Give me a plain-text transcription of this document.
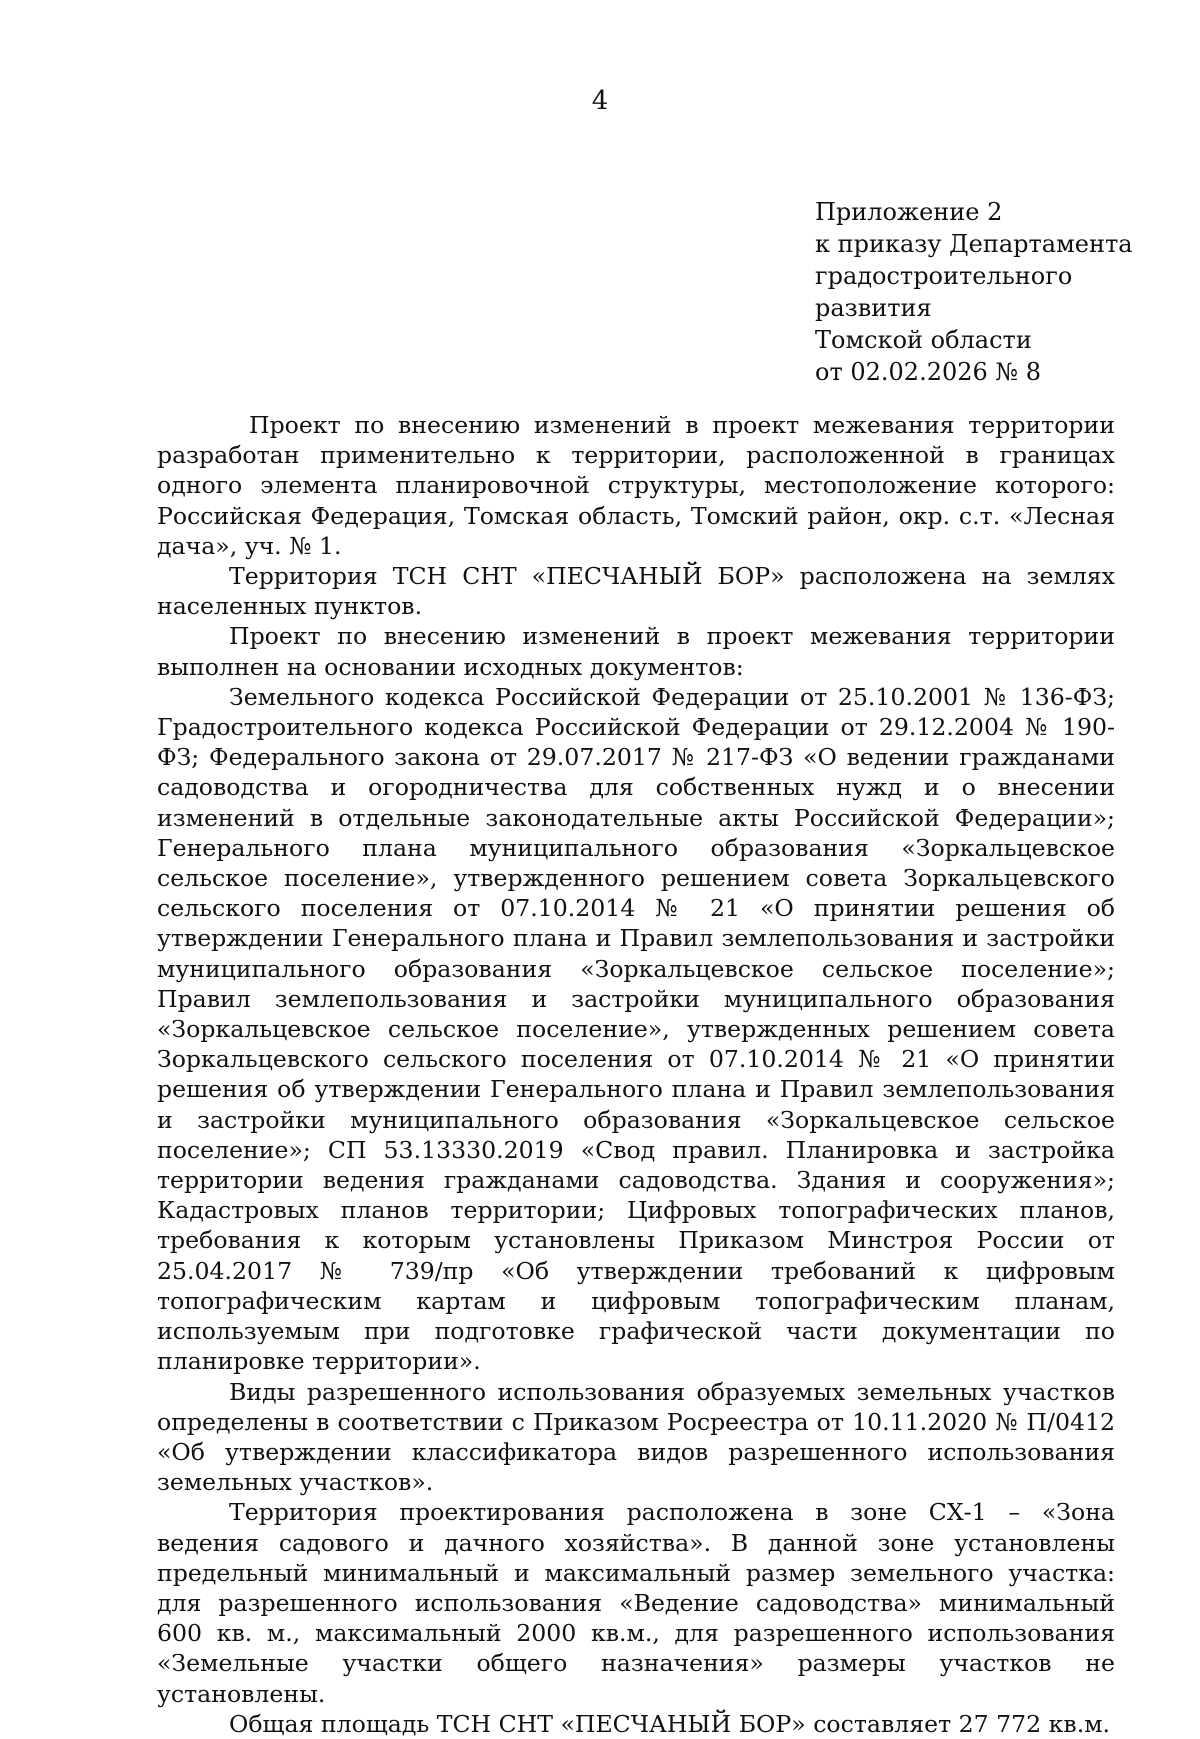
4
Приложение 2
к приказу Департамента
градостроительного
развития
Томской области
от 02.02.2026 № 8

Проект по внесению изменений в проект межевания территории разработан применительно к территории, расположенной в границах одного элемента планировочной структуры, местоположение которого: Российская Федерация, Томская область, Томский район, окр. с.т. «Лесная дача», уч. № 1.

Территория ТСН СНТ «ПЕСЧАНЫЙ БОР» расположена на землях населенных пунктов.

Проект по внесению изменений в проект межевания территории выполнен на основании исходных документов:

Земельного кодекса Российской Федерации от 25.10.2001 № 136-ФЗ; Градостроительного кодекса Российской Федерации от 29.12.2004 № 190-ФЗ; Федерального закона от 29.07.2017 № 217-ФЗ «О ведении гражданами садоводства и огородничества для собственных нужд и о внесении изменений в отдельные законодательные акты Российской Федерации»; Генерального плана муниципального образования «Зоркальцевское сельское поселение», утвержденного решением совета Зоркальцевского сельского поселения от 07.10.2014 № 21 «О принятии решения об утверждении Генерального плана и Правил землепользования и застройки муниципального образования «Зоркальцевское сельское поселение»; Правил землепользования и застройки муниципального образования «Зоркальцевское сельское поселение», утвержденных решением совета Зоркальцевского сельского поселения от 07.10.2014 № 21 «О принятии решения об утверждении Генерального плана и Правил землепользования и застройки муниципального образования «Зоркальцевское сельское поселение»; СП 53.13330.2019 «Свод правил. Планировка и застройка территории ведения гражданами садоводства. Здания и сооружения»; Кадастровых планов территории; Цифровых топографических планов, требования к которым установлены Приказом Минстроя России от 25.04.2017 № 739/пр «Об утверждении требований к цифровым топографическим картам и цифровым топографическим планам, используемым при подготовке графической части документации по планировке территории».

Виды разрешенного использования образуемых земельных участков определены в соответствии с Приказом Росреестра от 10.11.2020 № П/0412 «Об утверждении классификатора видов разрешенного использования земельных участков».

Территория проектирования расположена в зоне СХ-1 – «Зона ведения садового и дачного хозяйства». В данной зоне установлены предельный минимальный и максимальный размер земельного участка: для разрешенного использования «Ведение садоводства» минимальный 600 кв. м., максимальный 2000 кв.м., для разрешенного использования «Земельные участки общего назначения» размеры участков не установлены.

Общая площадь ТСН СНТ «ПЕСЧАНЫЙ БОР» составляет 27 772 кв.м.
